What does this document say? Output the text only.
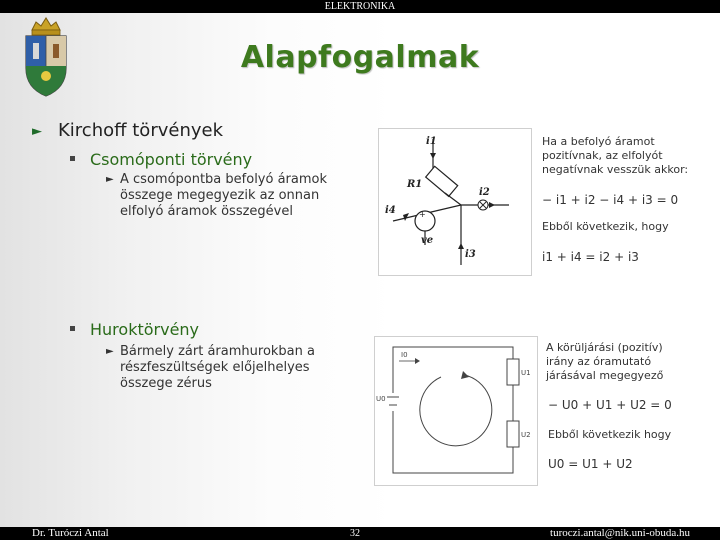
ELEKTRONIKA
Alapfogalmak
► Kirchoff törvények
Csomóponti törvény
► A csomópontba befolyó áramok összege megegyezik az onnan elfolyó áramok összegével	+
i1
R1
i2
i4
ve
i3
Ha a befolyó áramot pozitívnak, az elfolyót negatívnak vesszük akkor:
− i1 + i2 − i4 + i3 = 0
Ebből következik, hogy
i1 + i4 = i2 + i3
Huroktörvény
► Bármely zárt áramhurokban a részfeszültségek előjelhelyes összege zérus
I0
U1
U2
U0
A körüljárási (pozitív) irány az óramutató járásával megegyező
− U0 + U1 + U2 = 0
Ebből következik hogy
U0 = U1 + U2
Dr. Turóczi Antal	32	turoczi.antal@nik.uni-obuda.hu
